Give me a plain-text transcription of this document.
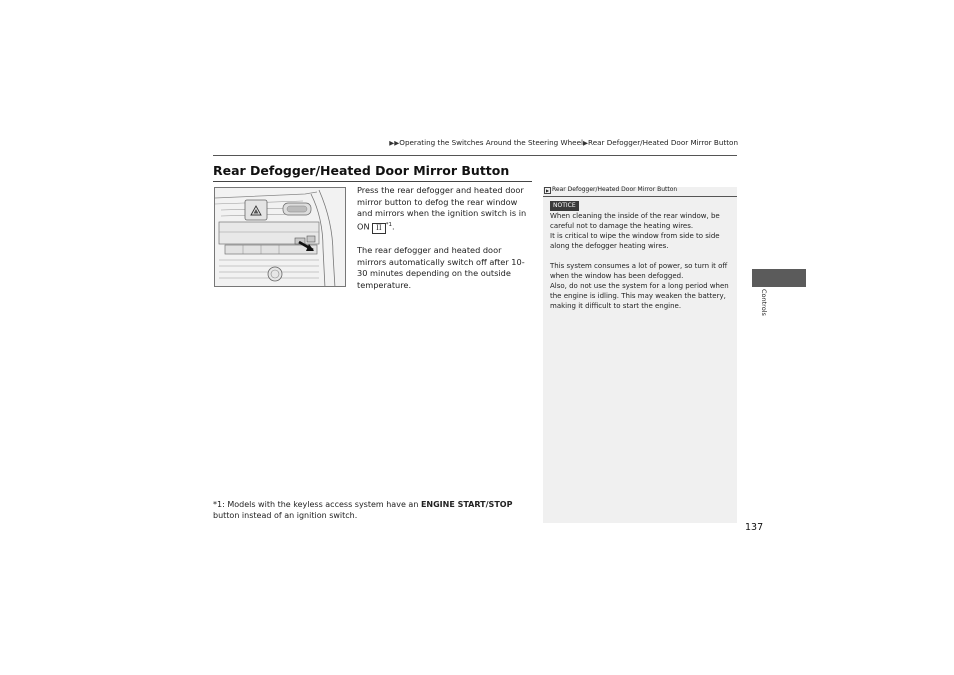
▶▶Operating the Switches Around the Steering Wheel▶Rear Defogger/Heated Door Mirror Button
Rear Defogger/Heated Door Mirror Button

Press the rear defogger and heated door mirror button to defog the rear window and mirrors when the ignition switch is in ON II $^{*1}$.

The rear defogger and heated door mirrors automatically switch off after 10-30 minutes depending on the outside temperature.

*1: Models with the keyless access system have an ENGINE START/STOP button instead of an ignition switch.
▶ Rear Defogger/Heated Door Mirror Button
NOTICE

When cleaning the inside of the rear window, be careful not to damage the heating wires.
It is critical to wipe the window from side to side along the defogger heating wires.

This system consumes a lot of power, so turn it off when the window has been defogged.
Also, do not use the system for a long period when the engine is idling. This may weaken the battery, making it difficult to start the engine.	Controls
137
